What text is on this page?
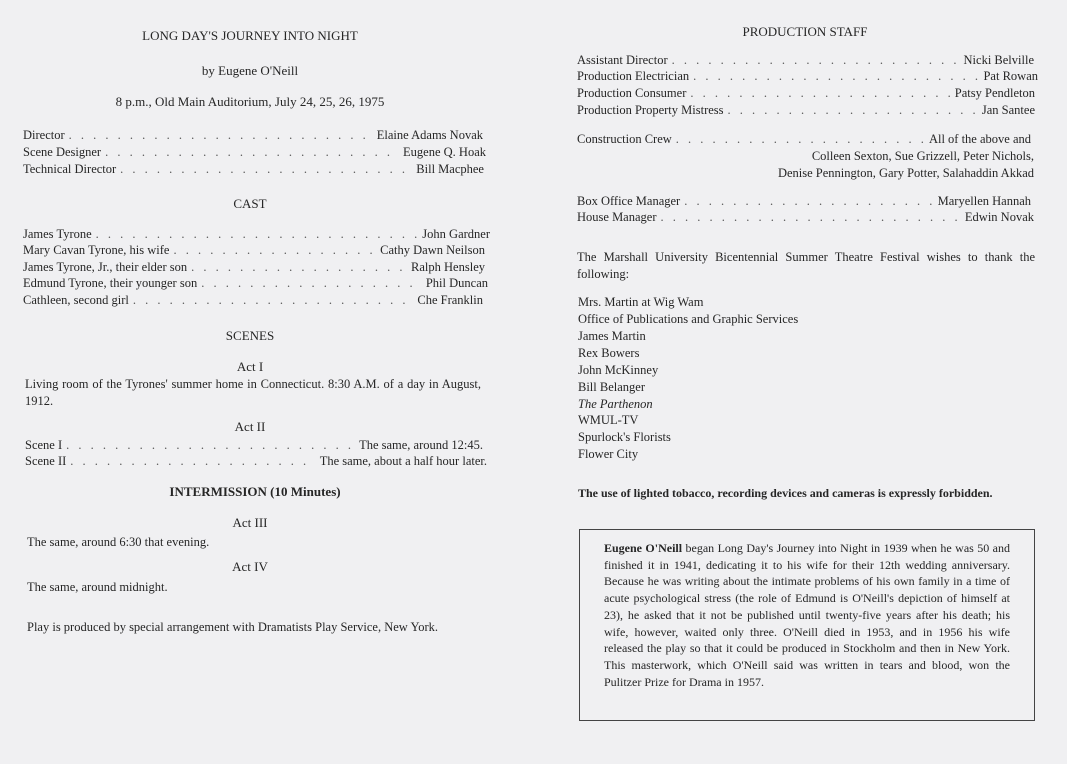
LONG DAY'S JOURNEY INTO NIGHT
by Eugene O'Neill
8 p.m., Old Main Auditorium, July 24, 25, 26, 1975
Director . . .	Elaine Adams Novak
Scene Designer . . .	Eugene Q. Hoak
Technical Director . . .	Bill Macphee
CAST
James Tyrone . . .	John Gardner
Mary Cavan Tyrone, his wife . . .	Cathy Dawn Neilson
James Tyrone, Jr., their elder son . . .	Ralph Hensley
Edmund Tyrone, their younger son . . .	Phil Duncan
Cathleen, second girl . . .	Che Franklin
SCENES
Act I
Living room of the Tyrones' summer home in Connecticut. 8:30 A.M. of a day in August, 1912.
Act II
Scene I . . .	The same, around 12:45.
Scene II . . .	The same, about a half hour later.
INTERMISSION (10 Minutes)
Act III
The same, around 6:30 that evening.
Act IV
The same, around midnight.
Play is produced by special arrangement with Dramatists Play Service, New York.
PRODUCTION STAFF
Assistant Director . . .	Nicki Belville
Production Electrician . . .	Pat Rowan
Production Consumer . . .	Patsy Pendleton
Production Property Mistress . . .	Jan Santee
Construction Crew . . .	All of the above and
Colleen Sexton, Sue Grizzell, Peter Nichols,
Denise Pennington, Gary Potter, Salahaddin Akkad
Box Office Manager . . .	Maryellen Hannah
House Manager . . .	Edwin Novak
The Marshall University Bicentennial Summer Theatre Festival wishes to thank the following:
Mrs. Martin at Wig Wam
Office of Publications and Graphic Services
James Martin
Rex Bowers
John McKinney
Bill Belanger
The Parthenon
WMUL-TV
Spurlock's Florists
Flower City
The use of lighted tobacco, recording devices and cameras is expressly forbidden.
Eugene O'Neill began Long Day's Journey into Night in 1939 when he was 50 and finished it in 1941, dedicating it to his wife for their 12th wedding anniversary. Because he was writing about the intimate problems of his own family in a time of acute psychological stress (the role of Edmund is O'Neill's depiction of himself at 23), he asked that it not be published until twenty-five years after his death; his wife, however, waited only three. O'Neill died in 1953, and in 1956 his wife released the play so that it could be produced in Stockholm and then in New York. This masterwork, which O'Neill said was written in tears and blood, won the Pulitzer Prize for Drama in 1957.
